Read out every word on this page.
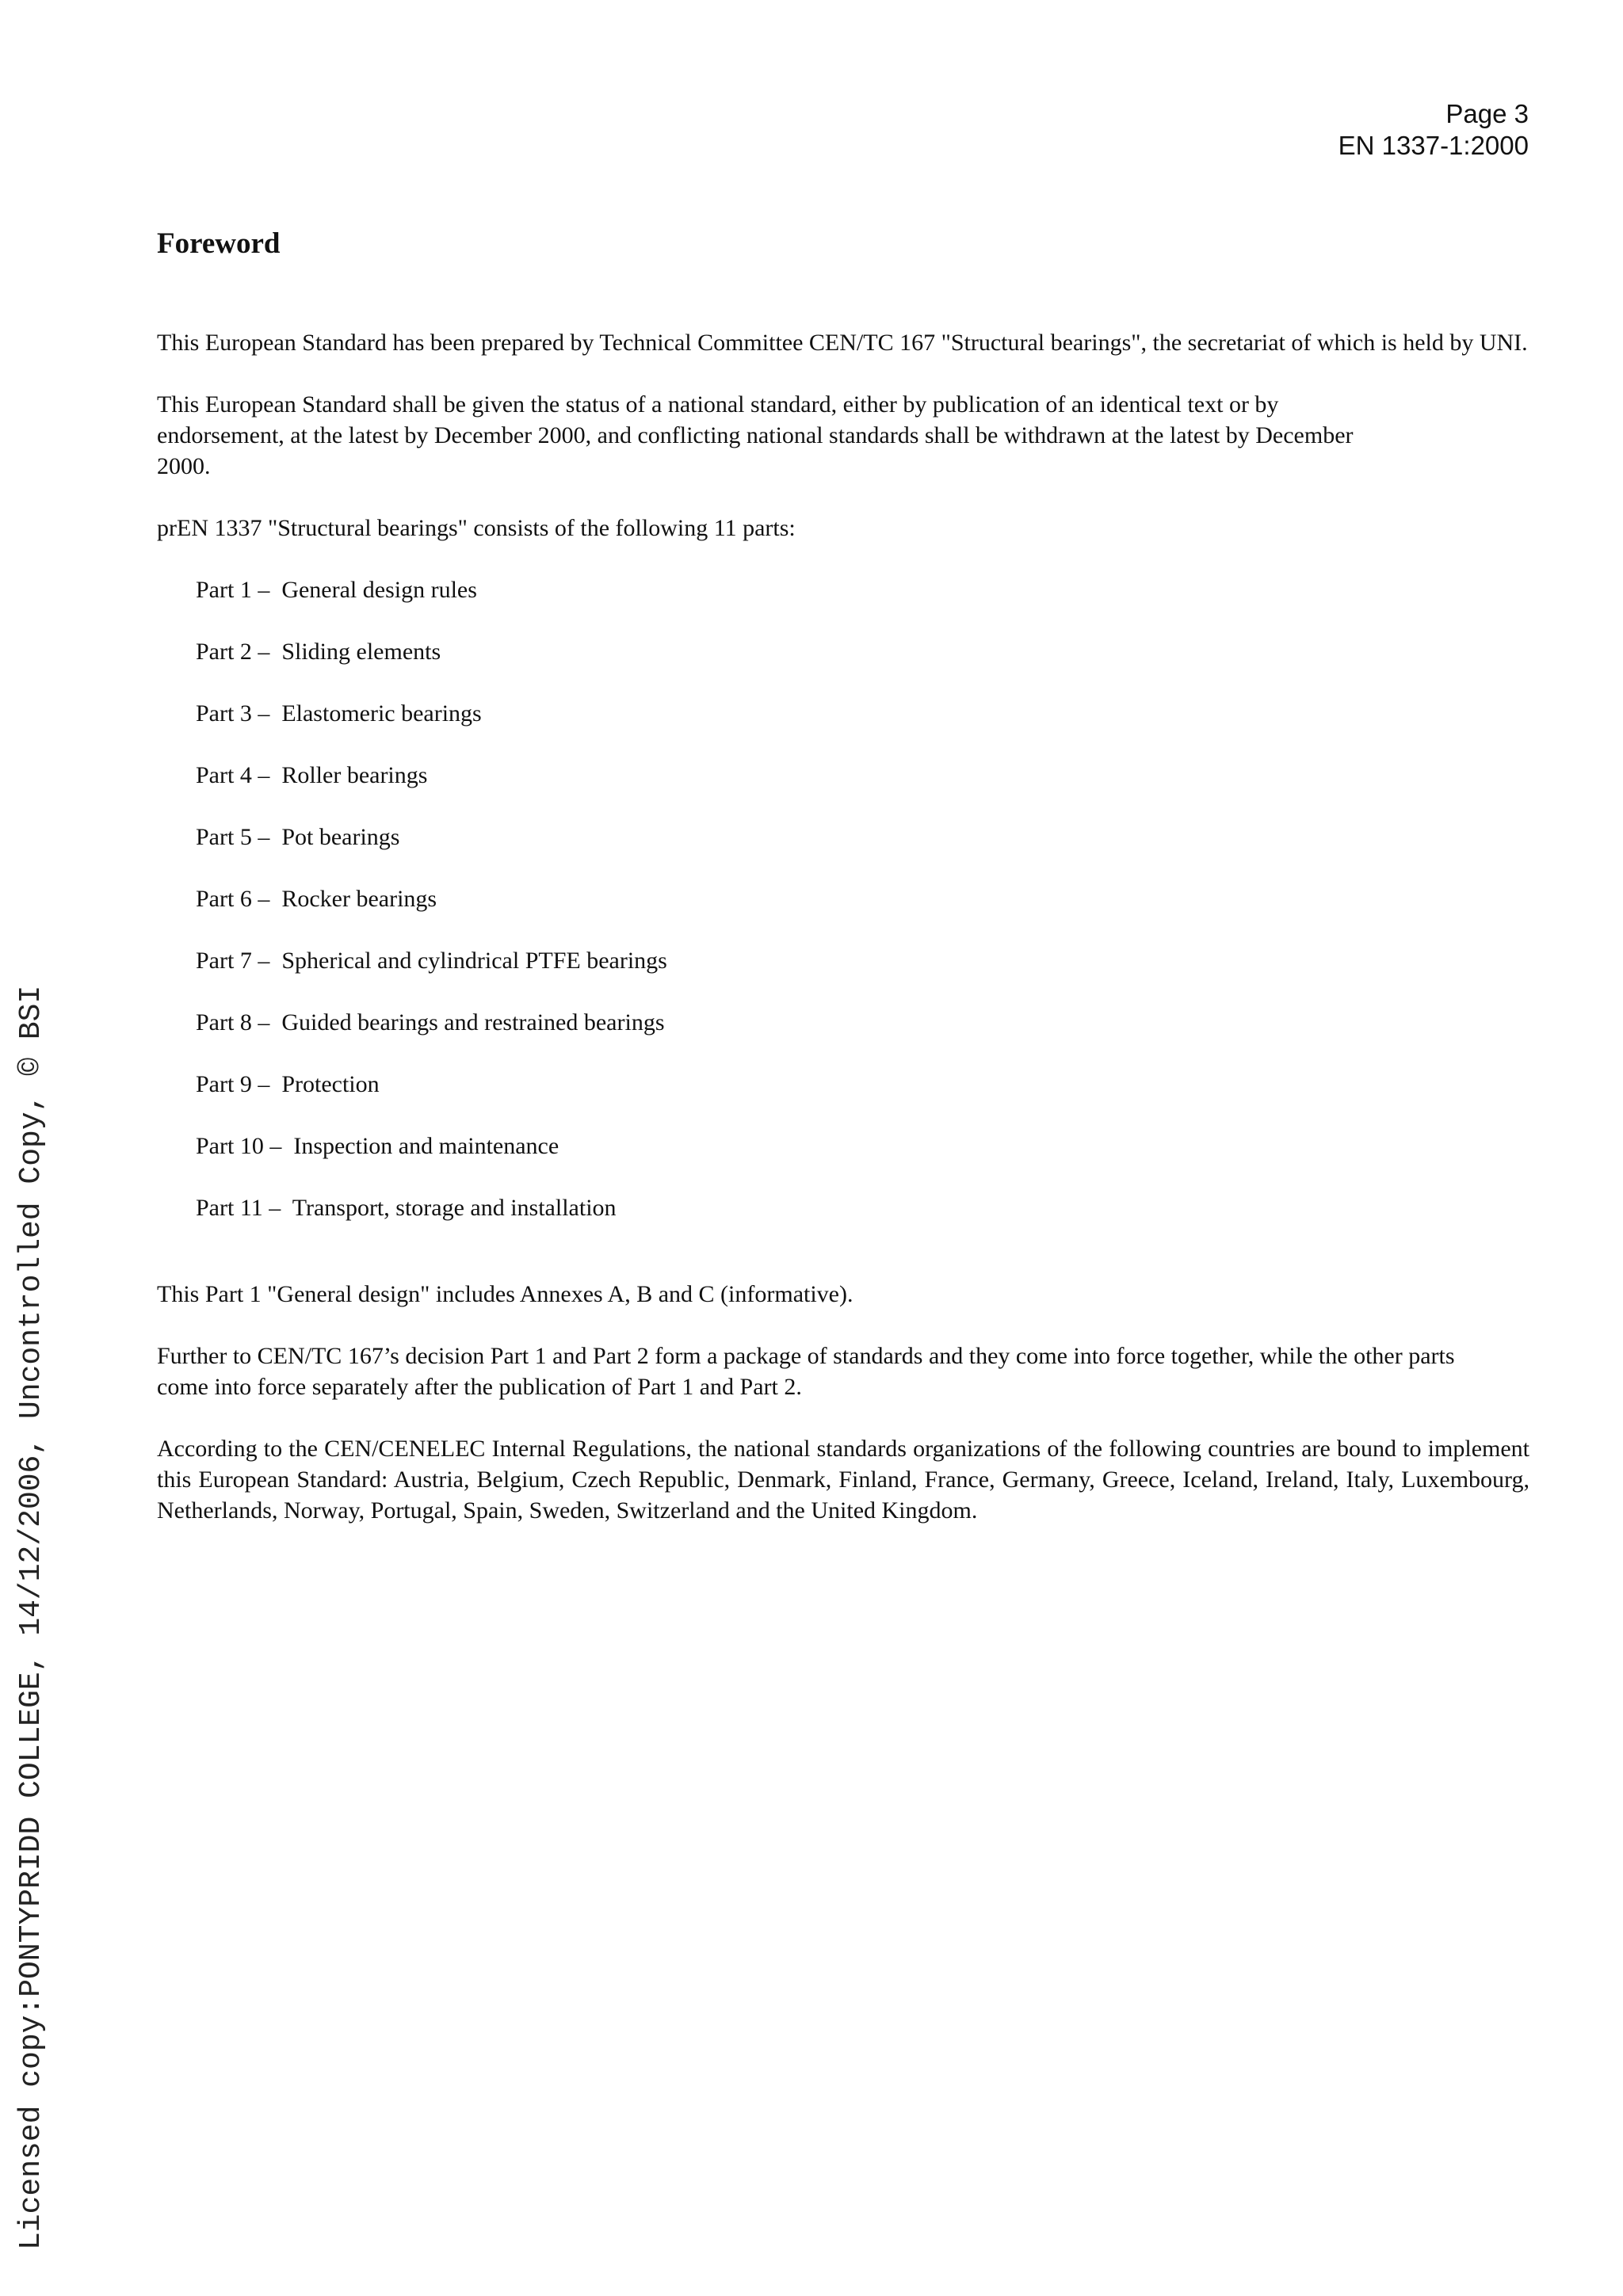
Page 3
EN 1337-1:2000
Foreword

This European Standard has been prepared by Technical Committee CEN/TC 167 "Structural bearings", the secretariat of which is held by UNI.

This European Standard shall be given the status of a national standard, either by publication of an identical text or by endorsement, at the latest by December 2000, and conflicting national standards shall be withdrawn at the latest by December 2000.

prEN 1337 "Structural bearings" consists of the following 11 parts:

Part 1 – General design rules
Part 2 – Sliding elements
Part 3 – Elastomeric bearings
Part 4 – Roller bearings
Part 5 – Pot bearings
Part 6 – Rocker bearings
Part 7 – Spherical and cylindrical PTFE bearings
Part 8 – Guided bearings and restrained bearings
Part 9 – Protection
Part 10 – Inspection and maintenance
Part 11 – Transport, storage and installation

This Part 1 "General design" includes Annexes A, B and C (informative).

Further to CEN/TC 167’s decision Part 1 and Part 2 form a package of standards and they come into force together, while the other parts come into force separately after the publication of Part 1 and Part 2.

According to the CEN/CENELEC Internal Regulations, the national standards organizations of the following countries are bound to implement this European Standard: Austria, Belgium, Czech Republic, Denmark, Finland, France, Germany, Greece, Iceland, Ireland, Italy, Luxembourg, Netherlands, Norway, Portugal, Spain, Sweden, Switzerland and the United Kingdom.

Licensed copy:PONTYPRIDD COLLEGE, 14/12/2006, Uncontrolled Copy, © BSI
